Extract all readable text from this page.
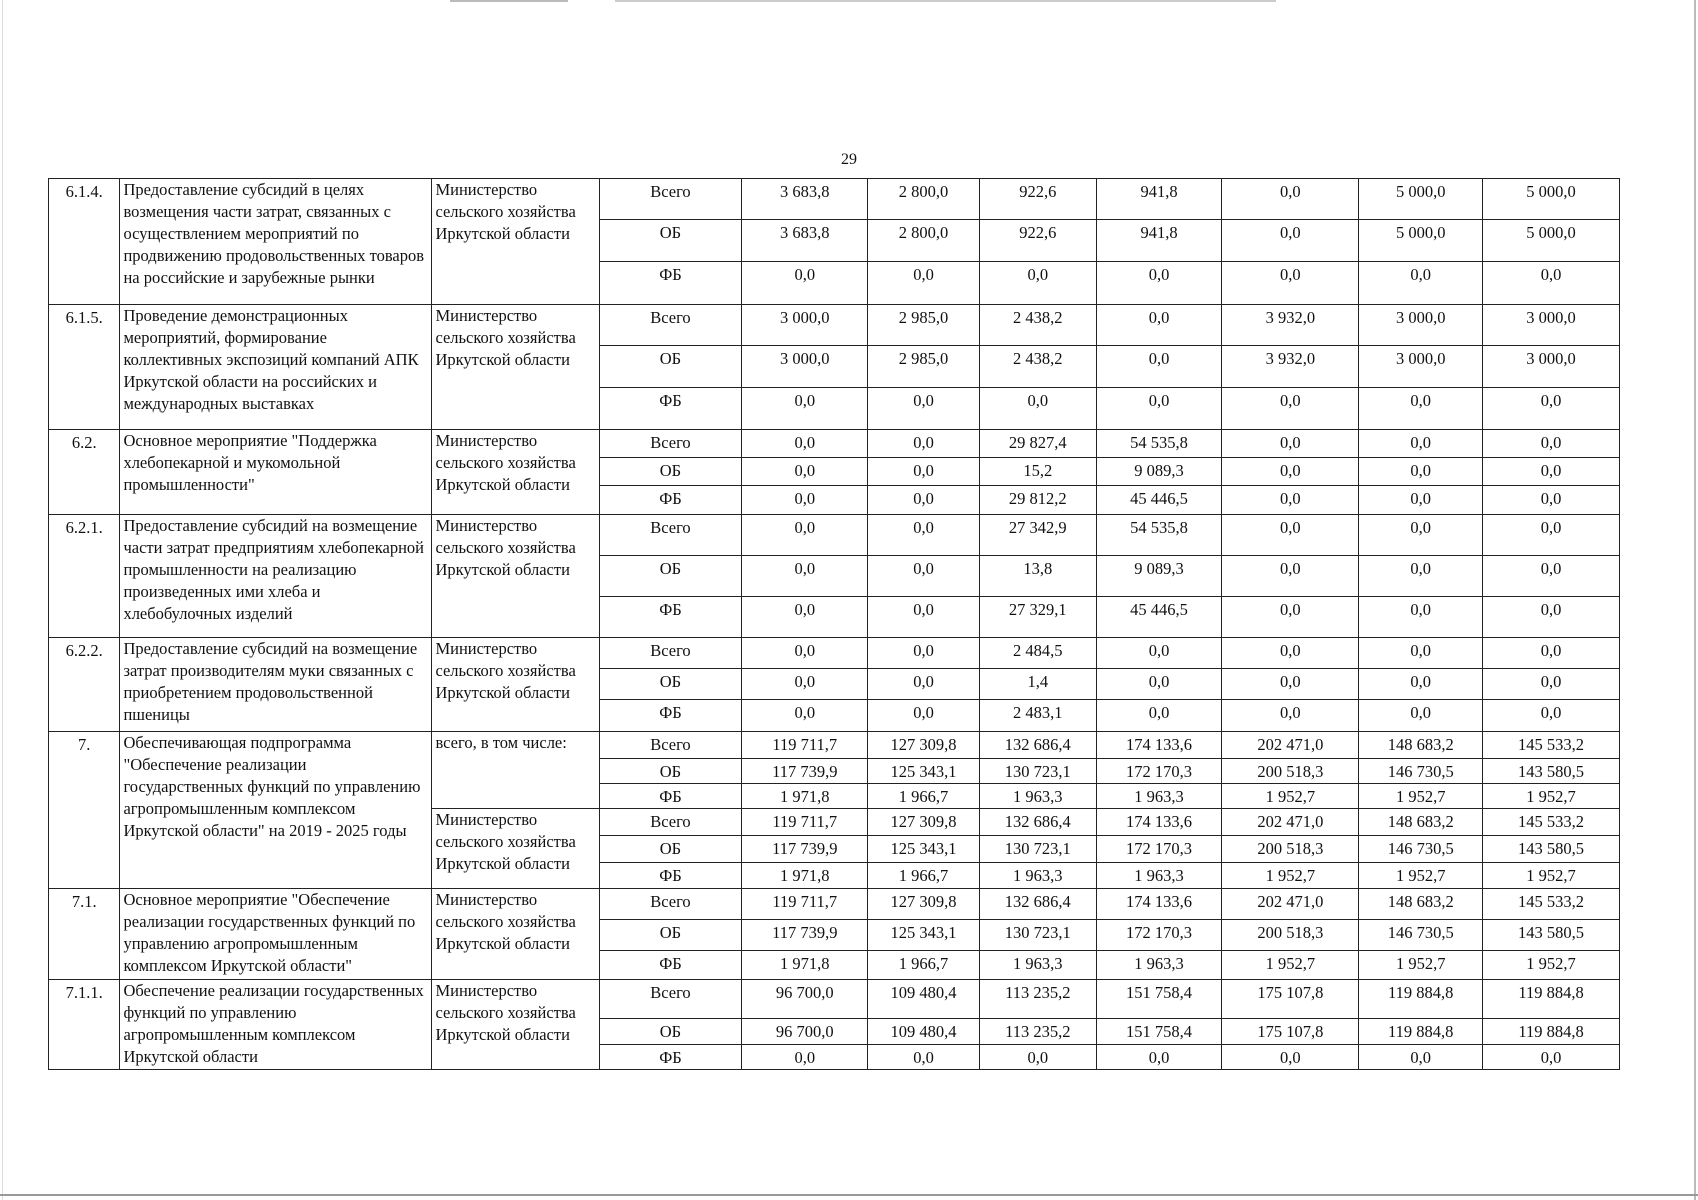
29
6.1.4.	Предоставление субсидий в целях возмещения части затрат, связанных с осуществлением мероприятий по продвижению продовольственных товаров на российские и зарубежные рынки	Министерство сельского хозяйства Иркутской области	Всего	3 683,8	2 800,0	922,6	941,8	0,0	5 000,0	5 000,0
			ОБ	3 683,8	2 800,0	922,6	941,8	0,0	5 000,0	5 000,0
			ФБ	0,0	0,0	0,0	0,0	0,0	0,0	0,0
6.1.5.	Проведение демонстрационных мероприятий, формирование коллективных экспозиций компаний АПК Иркутской области на российских и международных выставках	Министерство сельского хозяйства Иркутской области	Всего	3 000,0	2 985,0	2 438,2	0,0	3 932,0	3 000,0	3 000,0
			ОБ	3 000,0	2 985,0	2 438,2	0,0	3 932,0	3 000,0	3 000,0
			ФБ	0,0	0,0	0,0	0,0	0,0	0,0	0,0
6.2.	Основное мероприятие "Поддержка хлебопекарной и мукомольной промышленности"	Министерство сельского хозяйства Иркутской области	Всего	0,0	0,0	29 827,4	54 535,8	0,0	0,0	0,0
			ОБ	0,0	0,0	15,2	9 089,3	0,0	0,0	0,0
			ФБ	0,0	0,0	29 812,2	45 446,5	0,0	0,0	0,0
6.2.1.	Предоставление субсидий на возмещение части затрат предприятиям хлебопекарной промышленности на реализацию произведенных ими хлеба и хлебобулочных изделий	Министерство сельского хозяйства Иркутской области	Всего	0,0	0,0	27 342,9	54 535,8	0,0	0,0	0,0
			ОБ	0,0	0,0	13,8	9 089,3	0,0	0,0	0,0
			ФБ	0,0	0,0	27 329,1	45 446,5	0,0	0,0	0,0
6.2.2.	Предоставление субсидий на возмещение затрат производителям муки связанных с приобретением продовольственной пшеницы	Министерство сельского хозяйства Иркутской области	Всего	0,0	0,0	2 484,5	0,0	0,0	0,0	0,0
			ОБ	0,0	0,0	1,4	0,0	0,0	0,0	0,0
			ФБ	0,0	0,0	2 483,1	0,0	0,0	0,0	0,0
7.	Обеспечивающая подпрограмма "Обеспечение реализации государственных функций по управлению агропромышленным комплексом Иркутской области" на 2019 - 2025 годы	всего, в том числе:	Всего	119 711,7	127 309,8	132 686,4	174 133,6	202 471,0	148 683,2	145 533,2
			ОБ	117 739,9	125 343,1	130 723,1	172 170,3	200 518,3	146 730,5	143 580,5
			ФБ	1 971,8	1 966,7	1 963,3	1 963,3	1 952,7	1 952,7	1 952,7
		Министерство сельского хозяйства Иркутской области	Всего	119 711,7	127 309,8	132 686,4	174 133,6	202 471,0	148 683,2	145 533,2
			ОБ	117 739,9	125 343,1	130 723,1	172 170,3	200 518,3	146 730,5	143 580,5
			ФБ	1 971,8	1 966,7	1 963,3	1 963,3	1 952,7	1 952,7	1 952,7
7.1.	Основное мероприятие "Обеспечение реализации государственных функций по управлению агропромышленным комплексом Иркутской области"	Министерство сельского хозяйства Иркутской области	Всего	119 711,7	127 309,8	132 686,4	174 133,6	202 471,0	148 683,2	145 533,2
			ОБ	117 739,9	125 343,1	130 723,1	172 170,3	200 518,3	146 730,5	143 580,5
			ФБ	1 971,8	1 966,7	1 963,3	1 963,3	1 952,7	1 952,7	1 952,7
7.1.1.	Обеспечение реализации государственных функций по управлению агропромышленным комплексом Иркутской области	Министерство сельского хозяйства Иркутской области	Всего	96 700,0	109 480,4	113 235,2	151 758,4	175 107,8	119 884,8	119 884,8
			ОБ	96 700,0	109 480,4	113 235,2	151 758,4	175 107,8	119 884,8	119 884,8
			ФБ	0,0	0,0	0,0	0,0	0,0	0,0	0,0
